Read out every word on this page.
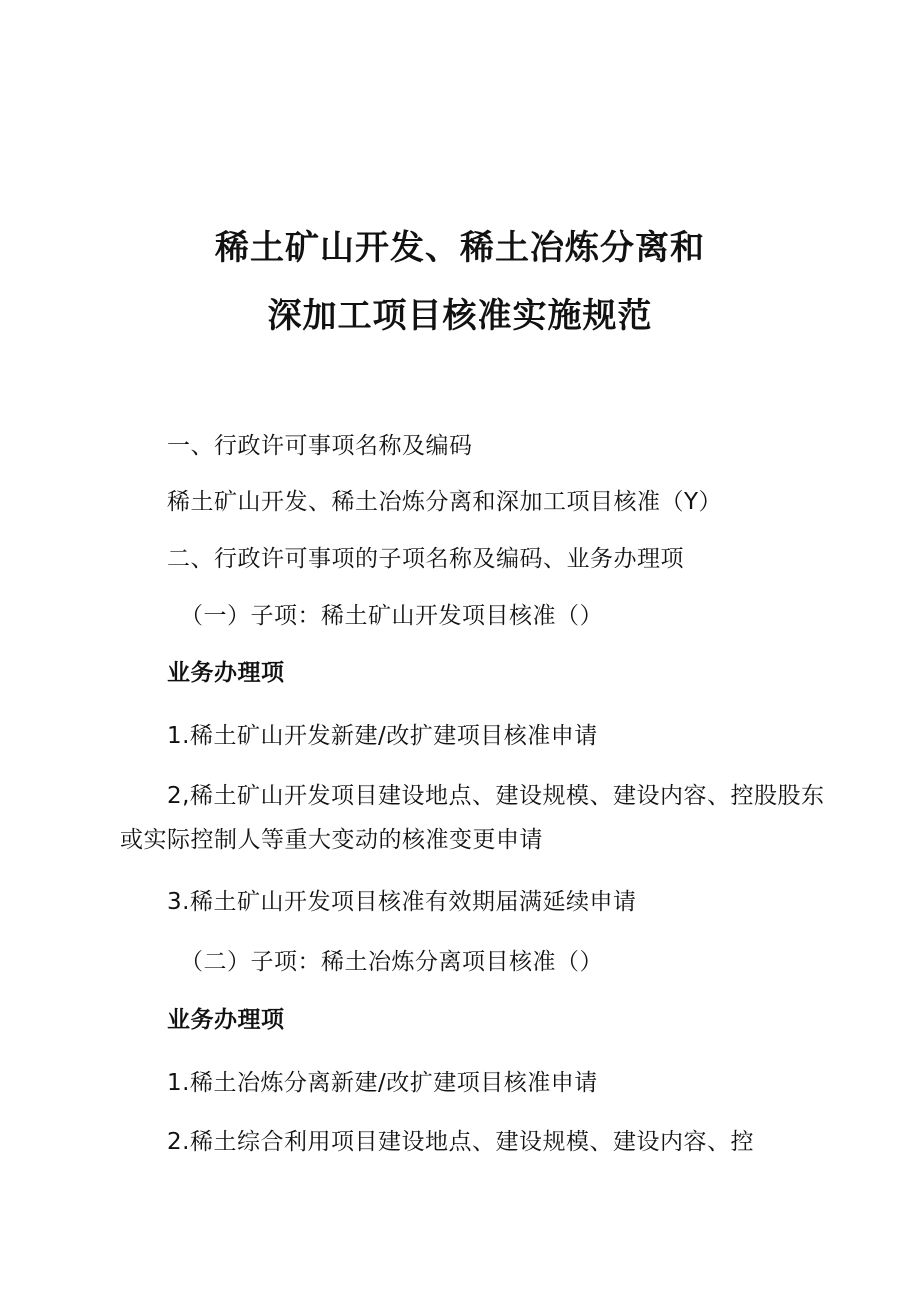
稀土矿山开发、稀土冶炼分离和
深加工项目核准实施规范
一、行政许可事项名称及编码
稀土矿山开发、稀土冶炼分离和深加工项目核准（Y）
二、行政许可事项的子项名称及编码、业务办理项
（一）子项：稀土矿山开发项目核准（）
业务办理项
1.稀土矿山开发新建/改扩建项目核准申请
2,稀土矿山开发项目建设地点、建设规模、建设内容、控股股东
或实际控制人等重大变动的核准变更申请
3.稀土矿山开发项目核准有效期届满延续申请
（二）子项：稀土冶炼分离项目核准（）
业务办理项
1.稀土冶炼分离新建/改扩建项目核准申请
2.稀土综合利用项目建设地点、建设规模、建设内容、控
